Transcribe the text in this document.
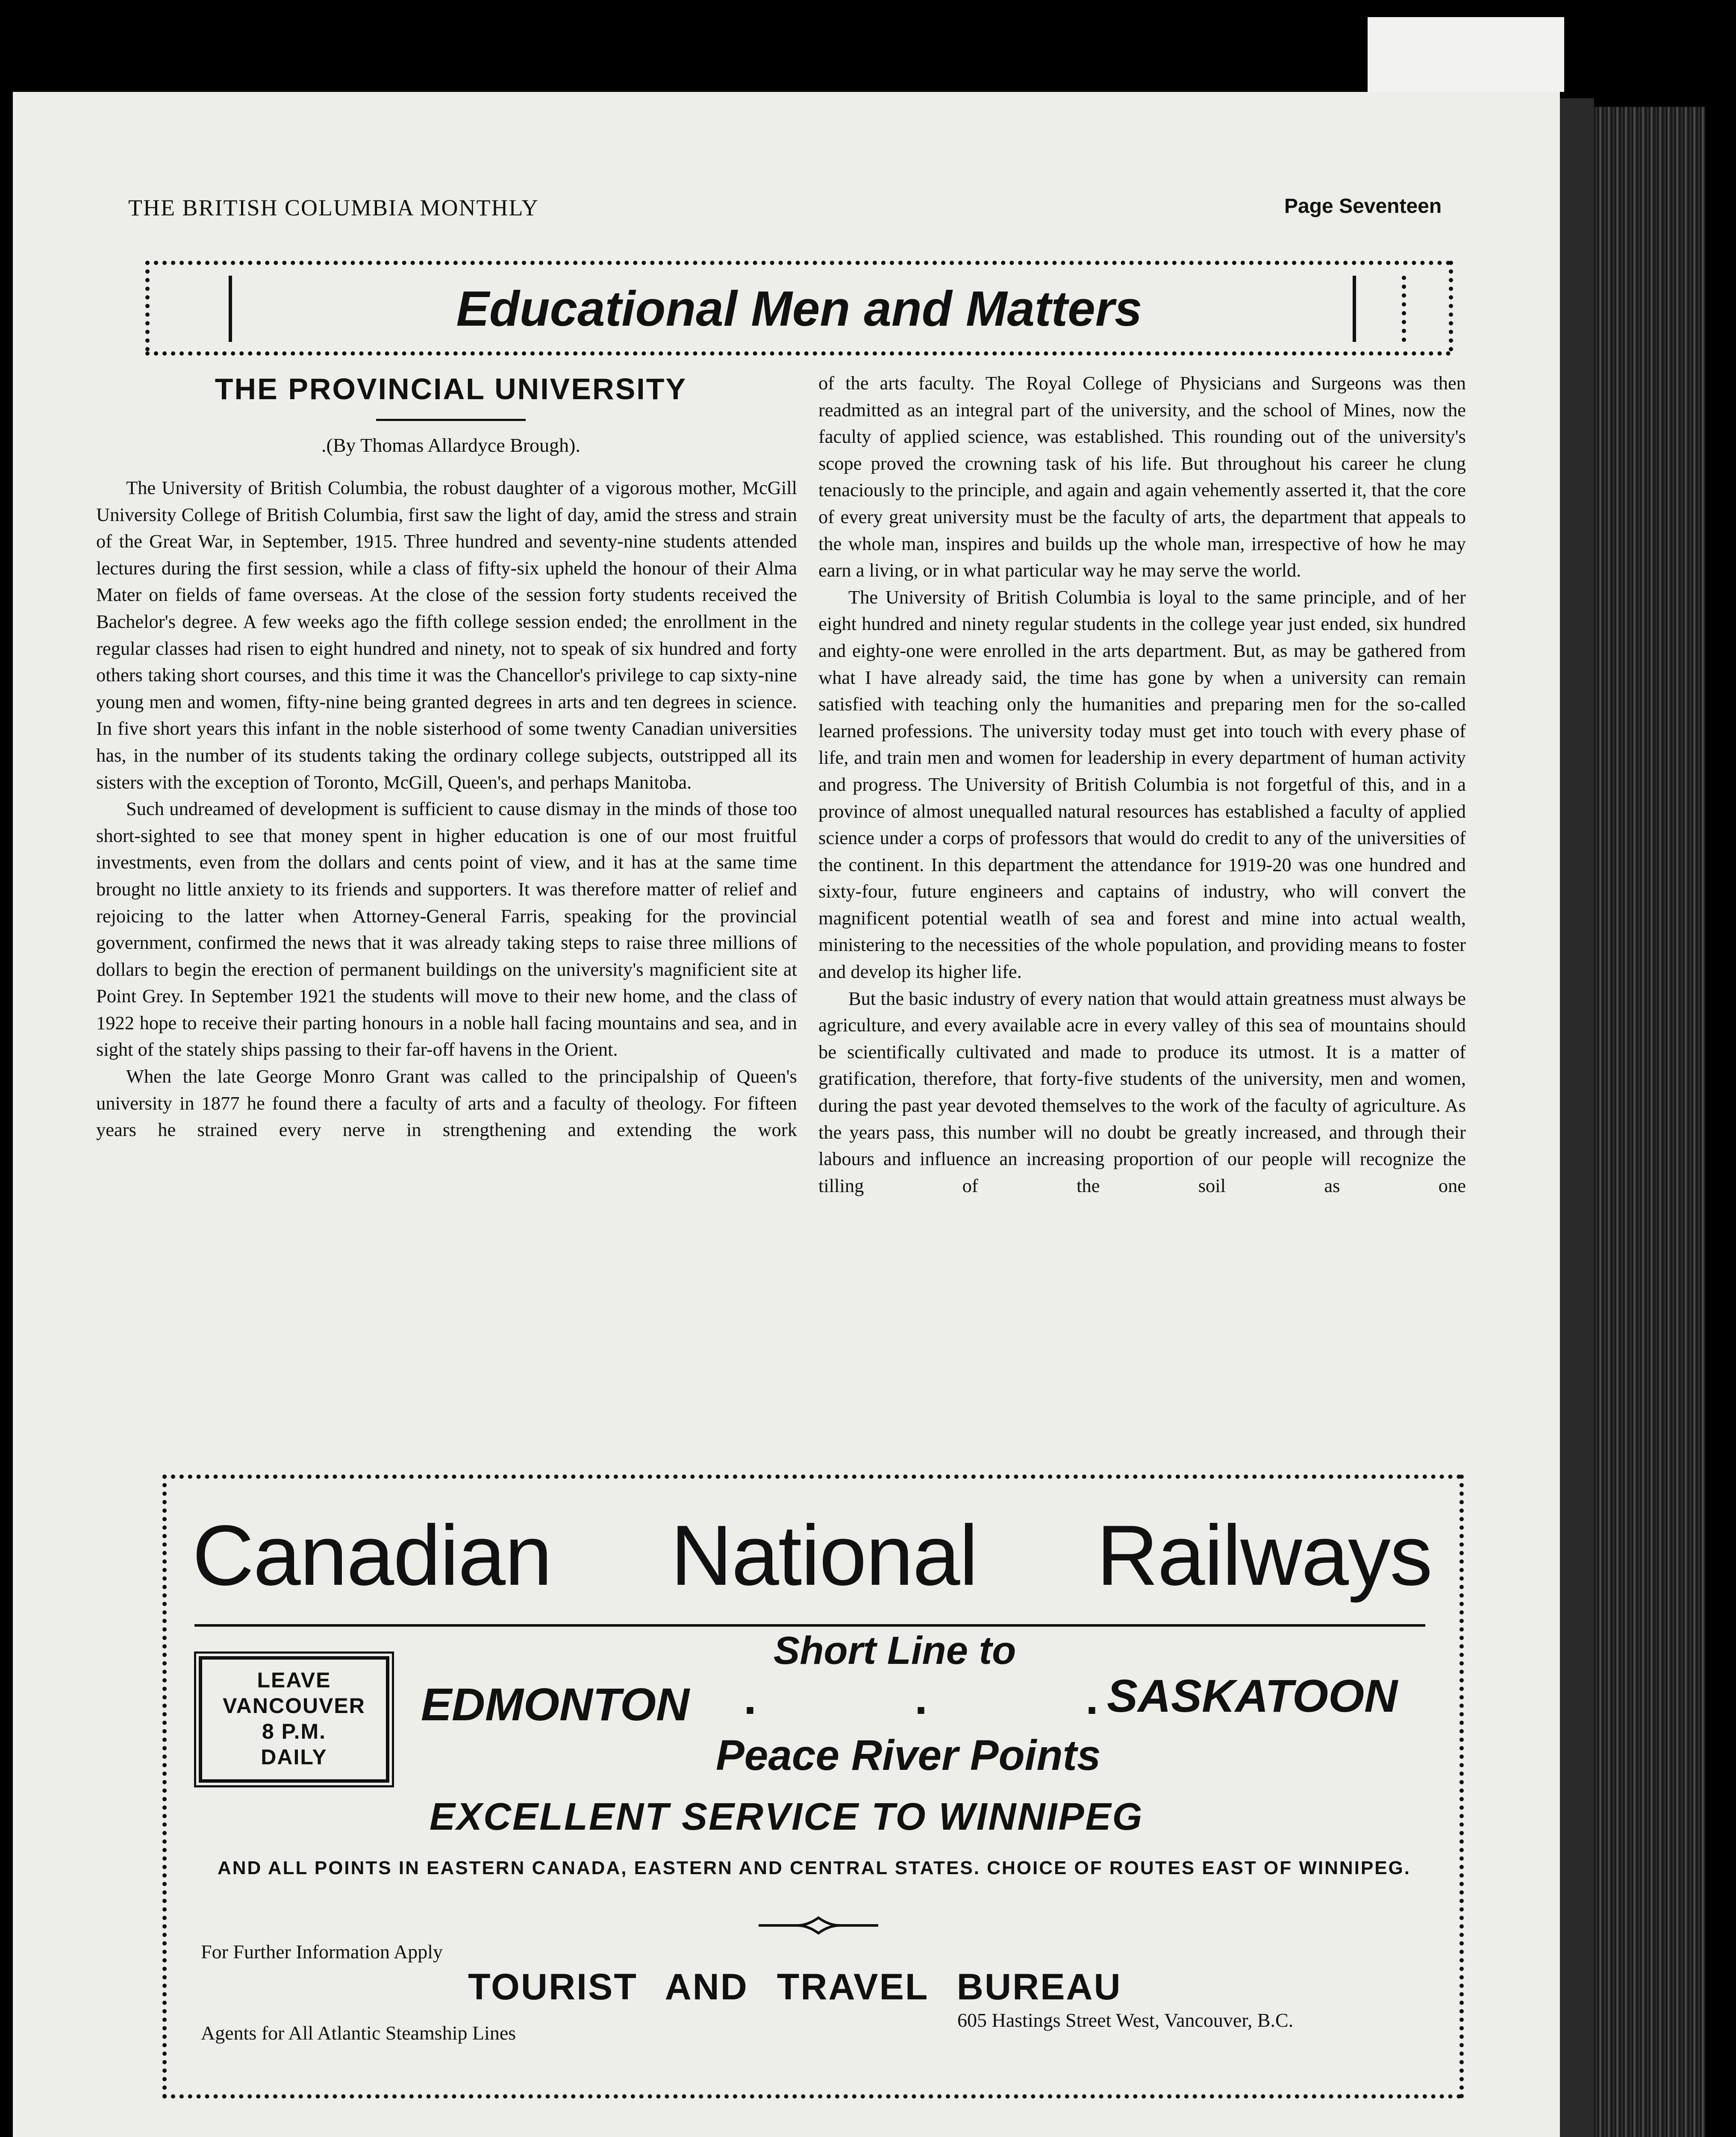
THE BRITISH COLUMBIA MONTHLY	Page Seventeen
Educational Men and Matters
THE PROVINCIAL UNIVERSITY
.(By Thomas Allardyce Brough).

The University of British Columbia, the robust daughter of a vigorous mother, McGill University College of British Columbia, first saw the light of day, amid the stress and strain of the Great War, in September, 1915. Three hundred and seventy-nine students attended lectures during the first session, while a class of fifty-six upheld the honour of their Alma Mater on fields of fame overseas. At the close of the session forty students received the Bachelor's degree. A few weeks ago the fifth college session ended; the enrollment in the regular classes had risen to eight hundred and ninety, not to speak of six hundred and forty others taking short courses, and this time it was the Chancellor's privilege to cap sixty-nine young men and women, fifty-nine being granted degrees in arts and ten degrees in science. In five short years this infant in the noble sisterhood of some twenty Canadian universities has, in the number of its students taking the ordinary college subjects, outstripped all its sisters with the exception of Toronto, McGill, Queen's, and perhaps Manitoba.

Such undreamed of development is sufficient to cause dismay in the minds of those too short-sighted to see that money spent in higher education is one of our most fruitful investments, even from the dollars and cents point of view, and it has at the same time brought no little anxiety to its friends and supporters. It was therefore matter of relief and rejoicing to the latter when Attorney-General Farris, speaking for the provincial government, confirmed the news that it was already taking steps to raise three millions of dollars to begin the erection of permanent buildings on the university's magnificient site at Point Grey. In September 1921 the students will move to their new home, and the class of 1922 hope to receive their parting honours in a noble hall facing mountains and sea, and in sight of the stately ships passing to their far-off havens in the Orient.

When the late George Monro Grant was called to the principalship of Queen's university in 1877 he found there a faculty of arts and a faculty of theology. For fifteen years he strained every nerve in strengthening and extending the work

of the arts faculty. The Royal College of Physicians and Surgeons was then readmitted as an integral part of the university, and the school of Mines, now the faculty of applied science, was established. This rounding out of the university's scope proved the crowning task of his life. But throughout his career he clung tenaciously to the principle, and again and again vehemently asserted it, that the core of every great university must be the faculty of arts, the department that appeals to the whole man, inspires and builds up the whole man, irrespective of how he may earn a living, or in what particular way he may serve the world.

The University of British Columbia is loyal to the same principle, and of her eight hundred and ninety regular students in the college year just ended, six hundred and eighty-one were enrolled in the arts department. But, as may be gathered from what I have already said, the time has gone by when a university can remain satisfied with teaching only the humanities and preparing men for the so-called learned professions. The university today must get into touch with every phase of life, and train men and women for leadership in every department of human activity and progress. The University of British Columbia is not forgetful of this, and in a province of almost unequalled natural resources has established a faculty of applied science under a corps of professors that would do credit to any of the universities of the continent. In this department the attendance for 1919-20 was one hundred and sixty-four, future engineers and captains of industry, who will convert the magnificent potential weatlh of sea and forest and mine into actual wealth, ministering to the necessities of the whole population, and providing means to foster and develop its higher life.

But the basic industry of every nation that would attain greatness must always be agriculture, and every available acre in every valley of this sea of mountains should be scientifically cultivated and made to produce its utmost. It is a matter of gratification, therefore, that forty-five students of the university, men and women, during the past year devoted themselves to the work of the faculty of agriculture. As the years pass, this number will no doubt be greatly increased, and through their labours and influence an increasing proportion of our people will recognize the tilling of the soil as one

Canadian National Railways
LEAVE
VANCOUVER
8 P.M.
DAILY
Short Line to
EDMONTON . . .
SASKATOON
Peace River Points
EXCELLENT SERVICE TO WINNIPEG
AND ALL POINTS IN EASTERN CANADA, EASTERN AND CENTRAL STATES. CHOICE OF ROUTES EAST OF WINNIPEG.
For Further Information Apply
TOURIST AND TRAVEL BUREAU
Agents for All Atlantic Steamship Lines
605 Hastings Street West, Vancouver, B.C.
